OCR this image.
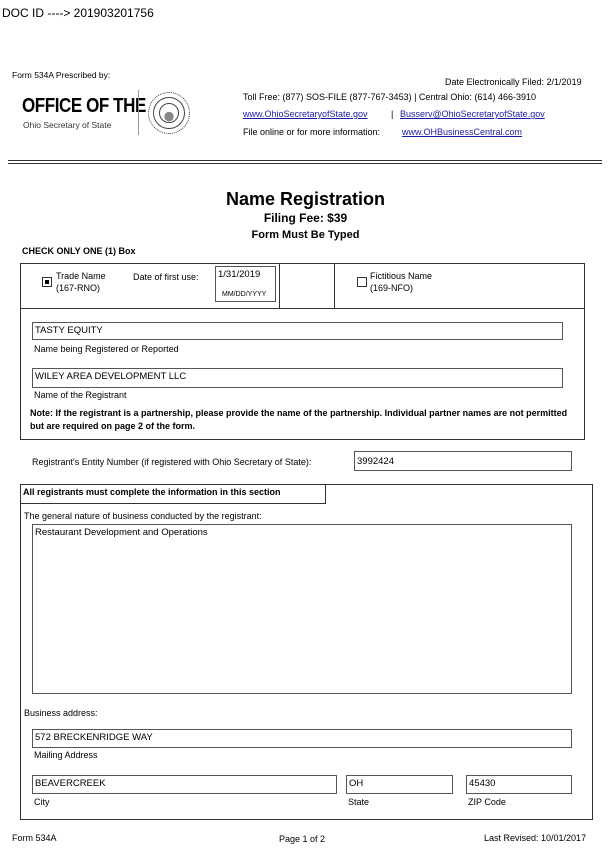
DOC ID ----> 201903201756
Form 534A Prescribed by:
OFFICE OF THE
Ohio Secretary of State
Date Electronically Filed: 2/1/2019
Toll Free: (877) SOS-FILE (877-767-3453) | Central Ohio: (614) 466-3910
www.OhioSecretaryofState.gov	| Busserv@OhioSecretaryofState.gov
File online or for more information: www.OHBusinessCentral.com
Name Registration
Filing Fee: $39
Form Must Be Typed
CHECK ONLY ONE (1) Box
Trade Name
(167-RNO)
Date of first use:	1/31/2019
MM/DD/YYYY
Fictitious Name
(169-NFO)
TASTY EQUITY
Name being Registered or Reported
WILEY AREA DEVELOPMENT LLC
Name of the Registrant
Note: If the registrant is a partnership, please provide the name of the partnership. Individual partner names are not permitted but are required on page 2 of the form.
Registrant's Entity Number (if registered with Ohio Secretary of State):	3992424
All registrants must complete the information in this section
The general nature of business conducted by the registrant:
Restaurant Development and Operations
Business address:
572 BRECKENRIDGE WAY
Mailing Address
BEAVERCREEK
City
OH
State
45430
ZIP Code
Form 534A	Page 1 of 2	Last Revised: 10/01/2017
